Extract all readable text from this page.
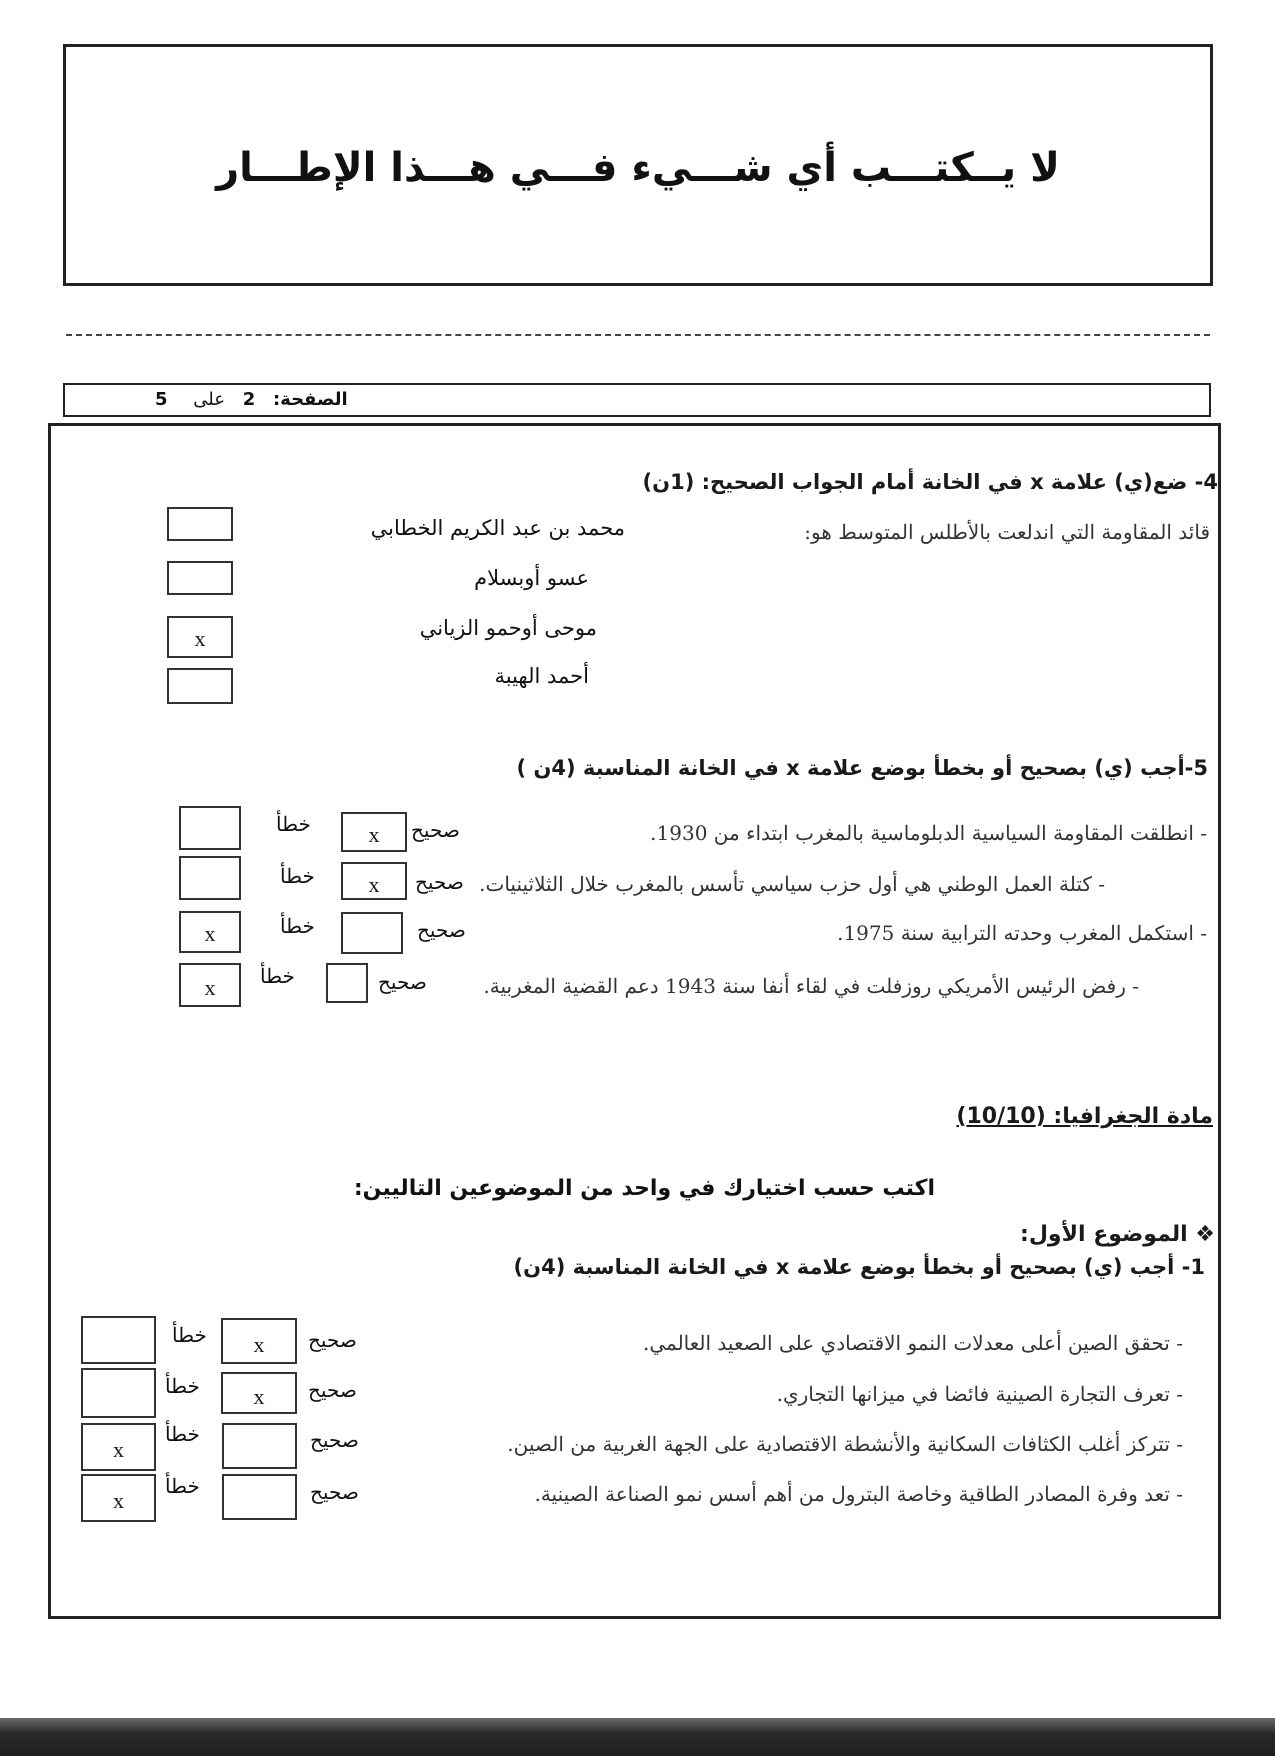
لا يــكتـــب أي شـــيء فـــي هـــذا الإطـــار
الصفحة: 2 على 5
4- ضع(ي) علامة x في الخانة أمام الجواب الصحيح: (1ن)
قائد المقاومة التي اندلعت بالأطلس المتوسط هو:
محمد بن عبد الكريم الخطابي
عسو أوبسلام
موحى أوحمو الزياني
أحمد الهيبة
x
5-أجب (ي) بصحيح أو بخطأ بوضع علامة x في الخانة المناسبة (4ن )
- انطلقت المقاومة السياسية الدبلوماسية بالمغرب ابتداء من 1930.
صحيح
x
خطأ
- كتلة العمل الوطني هي أول حزب سياسي تأسس بالمغرب خلال الثلاثينيات.
صحيح
x
خطأ
- استكمل المغرب وحدته الترابية سنة 1975.
صحيح
خطأ
x
- رفض الرئيس الأمريكي روزفلت في لقاء أنفا سنة 1943 دعم القضية المغربية.
صحيح
خطأ
x
مادة الجغرافيا: (10/10)
اكتب حسب اختيارك في واحد من الموضوعين التاليين:
❖ الموضوع الأول:
1- أجب (ي) بصحيح أو بخطأ بوضع علامة x في الخانة المناسبة (4ن)
- تحقق الصين أعلى معدلات النمو الاقتصادي على الصعيد العالمي.
صحيح
x
خطأ
- تعرف التجارة الصينية فائضا في ميزانها التجاري.
صحيح
x
خطأ
- تتركز أغلب الكثافات السكانية والأنشطة الاقتصادية على الجهة الغربية من الصين.
صحيح
خطأ
x
- تعد وفرة المصادر الطاقية وخاصة البترول من أهم أسس نمو الصناعة الصينية.
صحيح
خطأ
x
